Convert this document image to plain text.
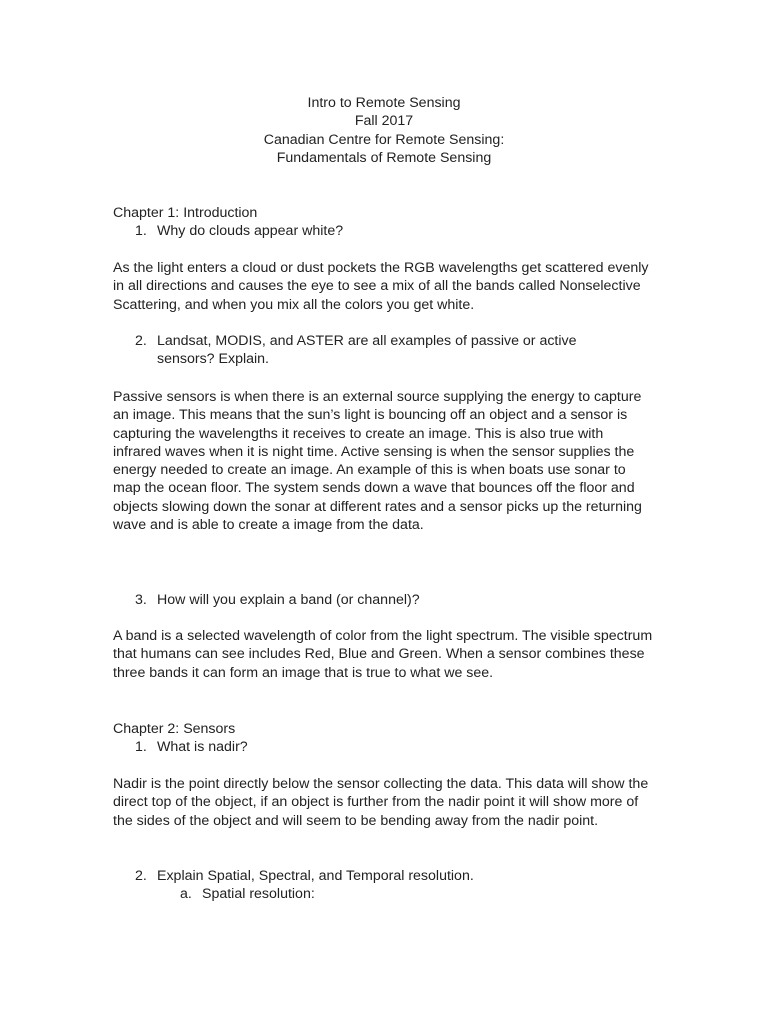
Intro to Remote Sensing
Fall 2017
Canadian Centre for Remote Sensing:
Fundamentals of Remote Sensing
Chapter 1: Introduction
1. Why do clouds appear white?

As the light enters a cloud or dust pockets the RGB wavelengths get scattered evenly in all directions and causes the eye to see a mix of all the bands called Nonselective Scattering, and when you mix all the colors you get white.

2. Landsat, MODIS, and ASTER are all examples of passive or active sensors? Explain.

Passive sensors is when there is an external source supplying the energy to capture an image. This means that the sun’s light is bouncing off an object and a sensor is capturing the wavelengths it receives to create an image. This is also true with infrared waves when it is night time. Active sensing is when the sensor supplies the energy needed to create an image. An example of this is when boats use sonar to map the ocean floor. The system sends down a wave that bounces off the floor and objects slowing down the sonar at different rates and a sensor picks up the returning wave and is able to create a image from the data.

3. How will you explain a band (or channel)?

A band is a selected wavelength of color from the light spectrum. The visible spectrum that humans can see includes Red, Blue and Green. When a sensor combines these three bands it can form an image that is true to what we see.

Chapter 2: Sensors
1. What is nadir?

Nadir is the point directly below the sensor collecting the data. This data will show the direct top of the object, if an object is further from the nadir point it will show more of the sides of the object and will seem to be bending away from the nadir point.

2. Explain Spatial, Spectral, and Temporal resolution.
a. Spatial resolution:
